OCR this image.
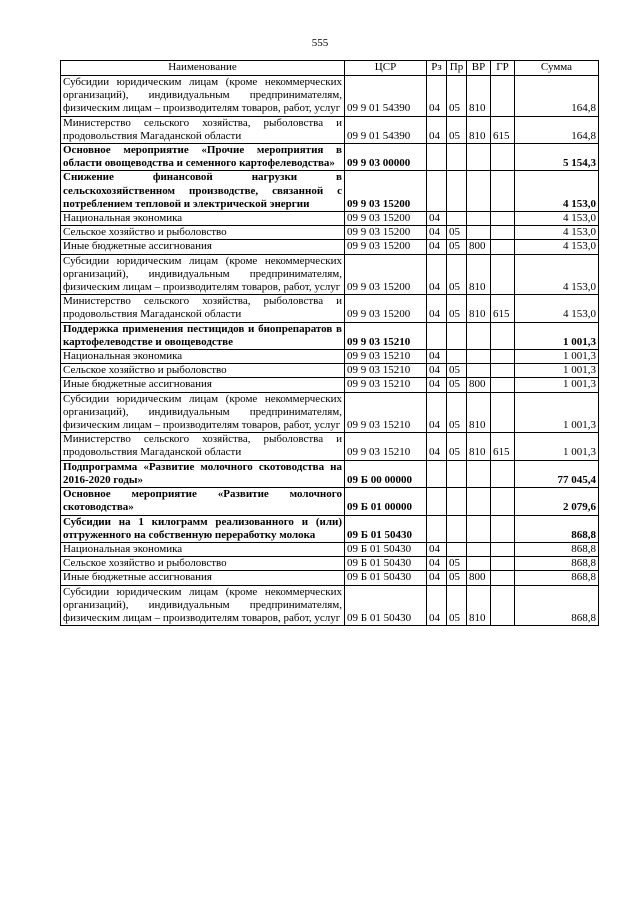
555
Наименование	ЦСР	Рз	Пр	ВР	ГР	Сумма
Субсидии юридическим лицам (кроме некоммерческих организаций), индивидуальным предпринимателям, физическим лицам – производителям товаров, работ, услуг	09 9 01 54390	04	05	810		164,8
Министерство сельского хозяйства, рыболовства и продовольствия Магаданской области	09 9 01 54390	04	05	810	615	164,8
Основное мероприятие «Прочие мероприятия в области овощеводства и семенного картофелеводства»	09 9 03 00000					5 154,3
Снижение финансовой нагрузки в сельскохозяйственном производстве, связанной с потреблением тепловой и электрической энергии	09 9 03 15200					4 153,0
Национальная экономика	09 9 03 15200	04				4 153,0
Сельское хозяйство и рыболовство	09 9 03 15200	04	05			4 153,0
Иные бюджетные ассигнования	09 9 03 15200	04	05	800		4 153,0
Субсидии юридическим лицам (кроме некоммерческих организаций), индивидуальным предпринимателям, физическим лицам – производителям товаров, работ, услуг	09 9 03 15200	04	05	810		4 153,0
Министерство сельского хозяйства, рыболовства и продовольствия Магаданской области	09 9 03 15200	04	05	810	615	4 153,0
Поддержка применения пестицидов и биопрепаратов в картофелеводстве и овощеводстве	09 9 03 15210					1 001,3
Национальная экономика	09 9 03 15210	04				1 001,3
Сельское хозяйство и рыболовство	09 9 03 15210	04	05			1 001,3
Иные бюджетные ассигнования	09 9 03 15210	04	05	800		1 001,3
Субсидии юридическим лицам (кроме некоммерческих организаций), индивидуальным предпринимателям, физическим лицам – производителям товаров, работ, услуг	09 9 03 15210	04	05	810		1 001,3
Министерство сельского хозяйства, рыболовства и продовольствия Магаданской области	09 9 03 15210	04	05	810	615	1 001,3
Подпрограмма «Развитие молочного скотоводства на 2016-2020 годы»	09 Б 00 00000					77 045,4
Основное мероприятие «Развитие молочного скотоводства»	09 Б 01 00000					2 079,6
Субсидии на 1 килограмм реализованного и (или) отгруженного на собственную переработку молока	09 Б 01 50430					868,8
Национальная экономика	09 Б 01 50430	04				868,8
Сельское хозяйство и рыболовство	09 Б 01 50430	04	05			868,8
Иные бюджетные ассигнования	09 Б 01 50430	04	05	800		868,8
Субсидии юридическим лицам (кроме некоммерческих организаций), индивидуальным предпринимателям, физическим лицам – производителям товаров, работ, услуг	09 Б 01 50430	04	05	810		868,8
